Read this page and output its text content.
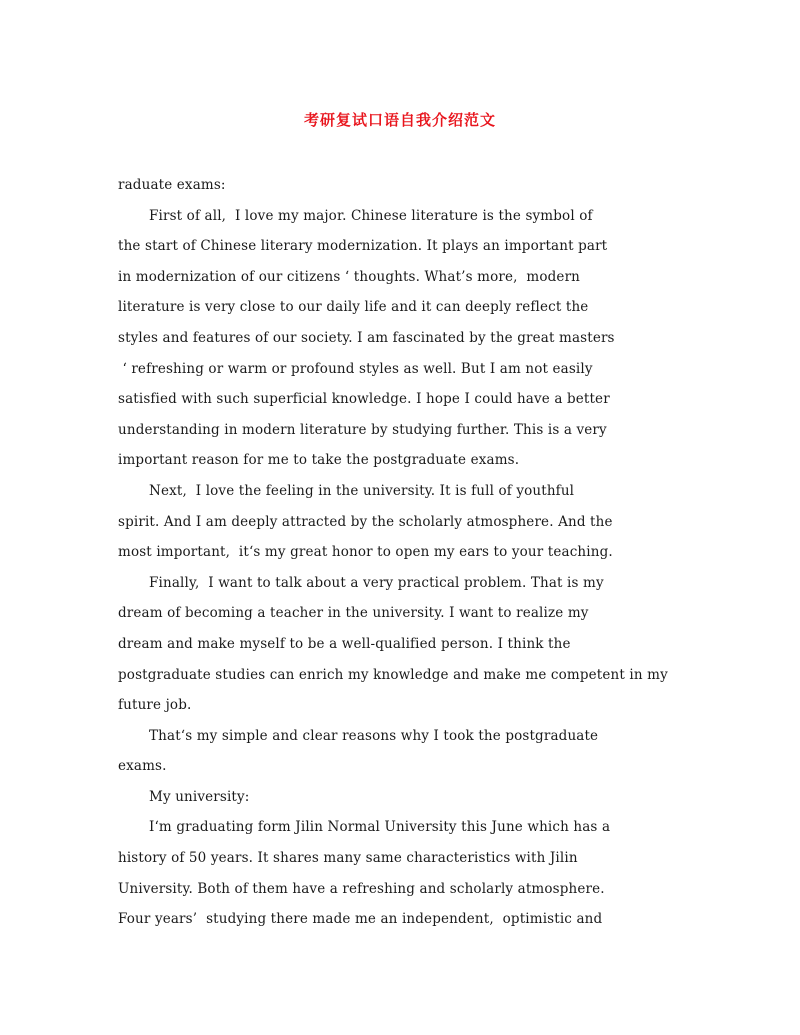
考研复试口语自我介绍范文
raduate exams:
First of all,  I love my major. Chinese literature is the symbol of
the start of Chinese literary modernization. It plays an important part
in modernization of our citizens ‘ thoughts. What’s more,  modern
literature is very close to our daily life and it can deeply reflect the
styles and features of our society. I am fascinated by the great masters
‘ refreshing or warm or profound styles as well. But I am not easily
satisfied with such superficial knowledge. I hope I could have a better
understanding in modern literature by studying further. This is a very
important reason for me to take the postgraduate exams.
Next,  I love the feeling in the university. It is full of youthful
spirit. And I am deeply attracted by the scholarly atmosphere. And the
most important,  it‘s my great honor to open my ears to your teaching.
Finally,  I want to talk about a very practical problem. That is my
dream of becoming a teacher in the university. I want to realize my
dream and make myself to be a well-qualified person. I think the
postgraduate studies can enrich my knowledge and make me competent in my
future job.
That‘s my simple and clear reasons why I took the postgraduate
exams.
My university:
I‘m graduating form Jilin Normal University this June which has a
history of 50 years. It shares many same characteristics with Jilin
University. Both of them have a refreshing and scholarly atmosphere.
Four years’  studying there made me an independent,  optimistic and
